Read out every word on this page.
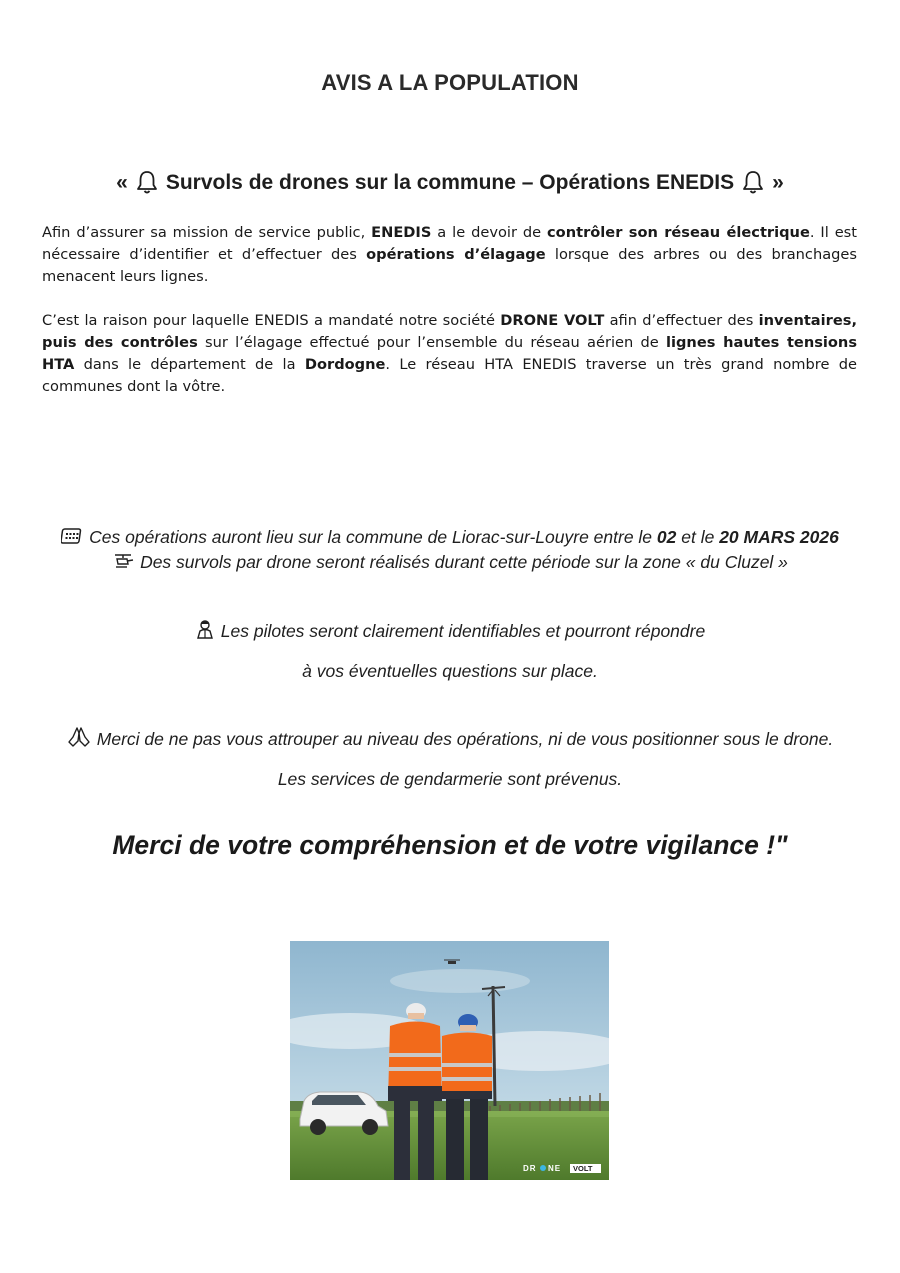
AVIS A LA POPULATION
« Survols de drones sur la commune – Opérations ENEDIS »
Afin d’assurer sa mission de service public, ENEDIS a le devoir de contrôler son réseau électrique. Il est nécessaire d’identifier et d’effectuer des opérations d’élagage lorsque des arbres ou des branchages menacent leurs lignes.
C’est la raison pour laquelle ENEDIS a mandaté notre société DRONE VOLT afin d’effectuer des inventaires, puis des contrôles sur l’élagage effectué pour l’ensemble du réseau aérien de lignes hautes tensions HTA dans le département de la Dordogne. Le réseau HTA ENEDIS traverse un très grand nombre de communes dont la vôtre.
Ces opérations auront lieu sur la commune de Liorac-sur-Louyre entre le 02 et le 20 MARS 2026
Des survols par drone seront réalisés durant cette période sur la zone « du Cluzel »
Les pilotes seront clairement identifiables et pourront répondre
à vos éventuelles questions sur place.
Merci de ne pas vous attrouper au niveau des opérations, ni de vous positionner sous le drone.
Les services de gendarmerie sont prévenus.
Merci de votre compréhension et de votre vigilance !"
DR NE VOLT
